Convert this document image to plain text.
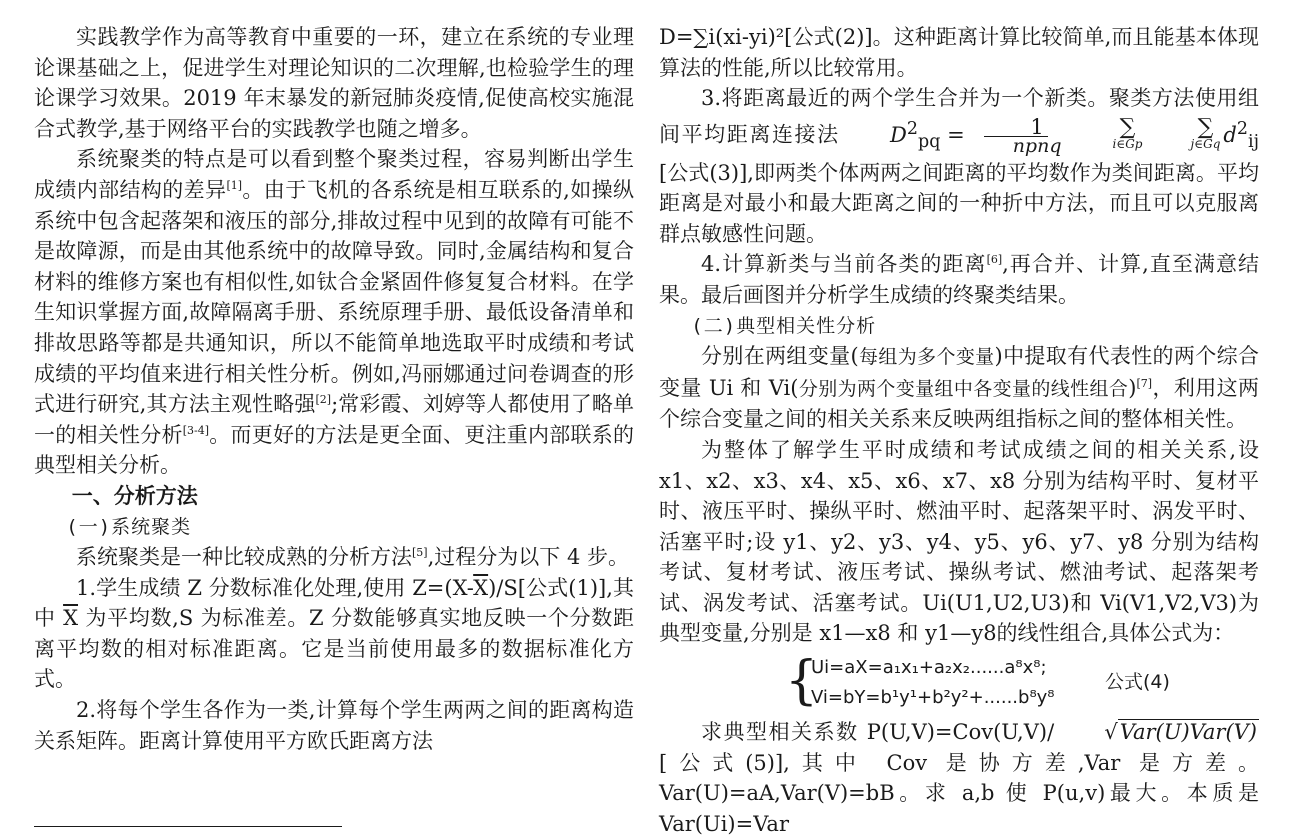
实践教学作为高等教育中重要的一环，建立在系统的专业理论课基础之上，促进学生对理论知识的二次理解,也检验学生的理论课学习效果。2019 年末暴发的新冠肺炎疫情,促使高校实施混合式教学,基于网络平台的实践教学也随之增多。

系统聚类的特点是可以看到整个聚类过程，容易判断出学生成绩内部结构的差异[1]。由于飞机的各系统是相互联系的,如操纵系统中包含起落架和液压的部分,排故过程中见到的故障有可能不是故障源，而是由其他系统中的故障导致。同时,金属结构和复合材料的维修方案也有相似性,如钛合金紧固件修复复合材料。在学生知识掌握方面,故障隔离手册、系统原理手册、最低设备清单和排故思路等都是共通知识，所以不能简单地选取平时成绩和考试成绩的平均值来进行相关性分析。例如,冯丽娜通过问卷调查的形式进行研究,其方法主观性略强[2];常彩霞、刘婷等人都使用了略单一的相关性分析[3-4]。而更好的方法是更全面、更注重内部联系的典型相关分析。

一、分析方法

(一)系统聚类

系统聚类是一种比较成熟的分析方法[5],过程分为以下 4 步。

1.学生成绩 Z 分数标准化处理,使用 $Z=(X-\overline{X})/S$[公式(1)],其中 $\overline{X}$ 为平均数,S 为标准差。Z 分数能够真实地反映一个分数距离平均数的相对标准距离。它是当前使用最多的数据标准化方式。

2.将每个学生各作为一类,计算每个学生两两之间的距离构造关系矩阵。距离计算使用平方欧氏距离方法

D=∑i(xi-yi)²[公式(2)]。这种距离计算比较简单,而且能基本体现算法的性能,所以比较常用。

3.将距离最近的两个学生合并为一个新类。聚类方法使用组间平均距离连接法 $D^2_{pq} = \frac{1}{\text{npnq}}$	∑
i∈Gp
∑
j∈Gq $d^2_{ij}$[公式(3)],即两类个体两两之间距离的平均数作为类间距离。平均距离是对最小和最大距离之间的一种折中方法，而且可以克服离群点敏感性问题。

4.计算新类与当前各类的距离[6],再合并、计算,直至满意结果。最后画图并分析学生成绩的终聚类结果。

(二)典型相关性分析

分别在两组变量(每组为多个变量)中提取有代表性的两个综合变量 Ui 和 Vi(分别为两个变量组中各变量的线性组合)[7]，利用这两个综合变量之间的相关关系来反映两组指标之间的整体相关性。

为整体了解学生平时成绩和考试成绩之间的相关关系,设 x1、x2、x3、x4、x5、x6、x7、x8 分别为结构平时、复材平时、液压平时、操纵平时、燃油平时、起落架平时、涡发平时、活塞平时;设 y1、y2、y3、y4、y5、y6、y7、y8 分别为结构考试、复材考试、液压考试、操纵考试、燃油考试、起落架考试、涡发考试、活塞考试。Ui(U1,U2,U3)和 Vi(V1,V2,V3)为典型变量,分别是 x1—x8 和 y1—y8的线性组合,具体公式为：

{
Ui=aX=a₁x₁+a₂x₂......a⁸x⁸;
Vi=bY=b¹y¹+b²y²+......b⁸y⁸
公式(4)

求典型相关系数 P(U,V)=Cov(U,V)/ √Var(U)Var(V) [公式(5)],其中 Cov 是协方差,Var 是方差。Var(U)=aA,Var(V)=bB。求 a,b 使 P(u,v)最大。本质是 Var(Ui)=Var
